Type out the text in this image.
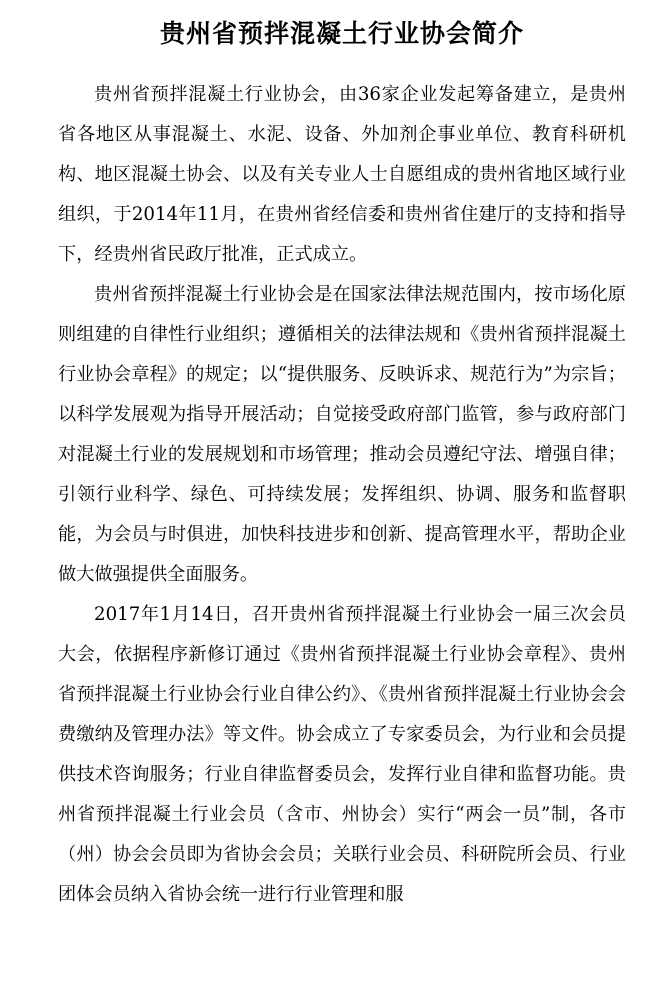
贵州省预拌混凝土行业协会简介

贵州省预拌混凝土行业协会，由36家企业发起筹备建立，是贵州省各地区从事混凝土、水泥、设备、外加剂企事业单位、教育科研机构、地区混凝土协会、以及有关专业人士自愿组成的贵州省地区域行业组织，于2014年11月，在贵州省经信委和贵州省住建厅的支持和指导下，经贵州省民政厅批准，正式成立。

贵州省预拌混凝土行业协会是在国家法律法规范围内，按市场化原则组建的自律性行业组织；遵循相关的法律法规和《贵州省预拌混凝土行业协会章程》的规定；以“提供服务、反映诉求、规范行为”为宗旨；以科学发展观为指导开展活动；自觉接受政府部门监管，参与政府部门对混凝土行业的发展规划和市场管理；推动会员遵纪守法、增强自律；引领行业科学、绿色、可持续发展；发挥组织、协调、服务和监督职能，为会员与时俱进，加快科技进步和创新、提高管理水平，帮助企业做大做强提供全面服务。

2017年1月14日，召开贵州省预拌混凝土行业协会一届三次会员大会，依据程序新修订通过《贵州省预拌混凝土行业协会章程》、贵州省预拌混凝土行业协会行业自律公约》、《贵州省预拌混凝土行业协会会费缴纳及管理办法》等文件。协会成立了专家委员会，为行业和会员提供技术咨询服务；行业自律监督委员会，发挥行业自律和监督功能。贵州省预拌混凝土行业会员（含市、州协会）实行“两会一员”制，各市（州）协会会员即为省协会会员；关联行业会员、科研院所会员、行业团体会员纳入省协会统一进行行业管理和服
